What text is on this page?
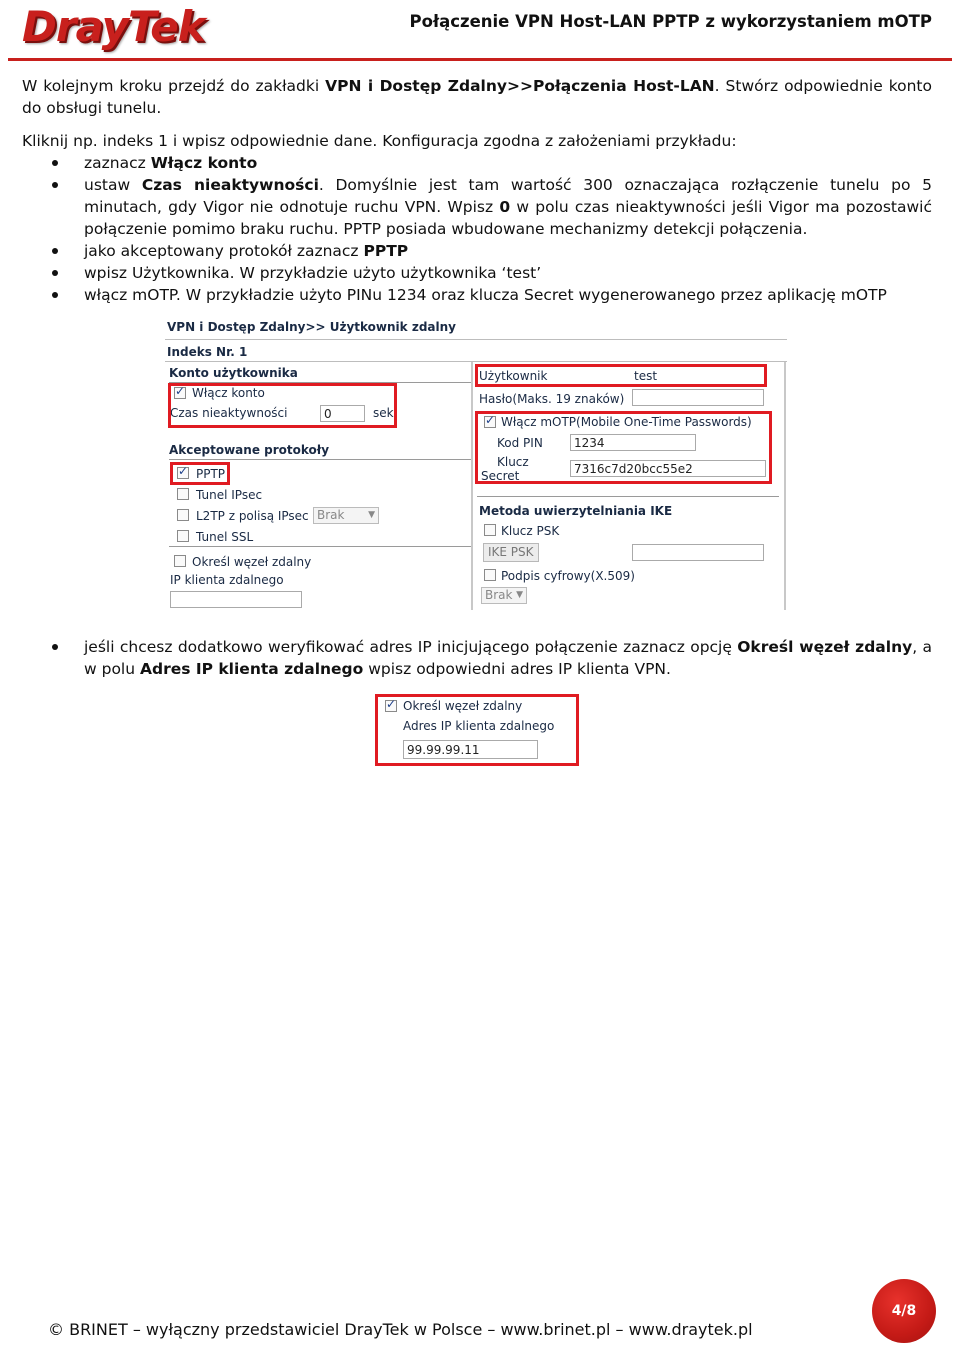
DrayTek	Połączenie VPN Host-LAN PPTP z wykorzystaniem mOTP
W kolejnym kroku przejdź do zakładki VPN i Dostęp Zdalny>>Połączenia Host-LAN. Stwórz odpowiednie konto do obsługi tunelu.
Kliknij np. indeks 1 i wpisz odpowiednie dane. Konfiguracja zgodna z założeniami przykładu:
zaznacz Włącz konto
ustaw Czas nieaktywności. Domyślnie jest tam wartość 300 oznaczająca rozłączenie tunelu po 5 minutach, gdy Vigor nie odnotuje ruchu VPN. Wpisz 0 w polu czas nieaktywności jeśli Vigor ma pozostawić połączenie pomimo braku ruchu. PPTP posiada wbudowane mechanizmy detekcji połączenia.
jako akceptowany protokół zaznacz PPTP
wpisz Użytkownika. W przykładzie użyto użytkownika ‘test’
włącz mOTP. W przykładzie użyto PINu 1234 oraz klucza Secret wygenerowanego przez aplikację mOTP
VPN i Dostęp Zdalny>> Użytkownik zdalny
Indeks Nr. 1
Konto użytkownika
✓
Włącz konto
Czas nieaktywności	0	sek
Akceptowane protokoły
✓
PPTP
Tunel IPsec
L2TP z polisą IPsec Brak	▼
Tunel SSL
Określ węzeł zdalny
IP klienta zdalnego
Użytkownik	test
Hasło(Maks. 19 znaków)
✓
Włącz mOTP(Mobile One-Time Passwords)
Kod PIN	1234
Klucz
Secret	7316c7d20bcc55e2
Metoda uwierzytelniania IKE
Klucz PSK
IKE PSK
Podpis cyfrowy(X.509)
Brak ▼
jeśli chcesz dodatkowo weryfikować adres IP inicjującego połączenie zaznacz opcję Określ węzeł zdalny, a w polu Adres IP klienta zdalnego wpisz odpowiedni adres IP klienta VPN.
✓
Określ węzeł zdalny
Adres IP klienta zdalnego
99.99.99.11
© BRINET – wyłączny przedstawiciel DrayTek w Polsce – www.brinet.pl – www.draytek.pl
4/8
